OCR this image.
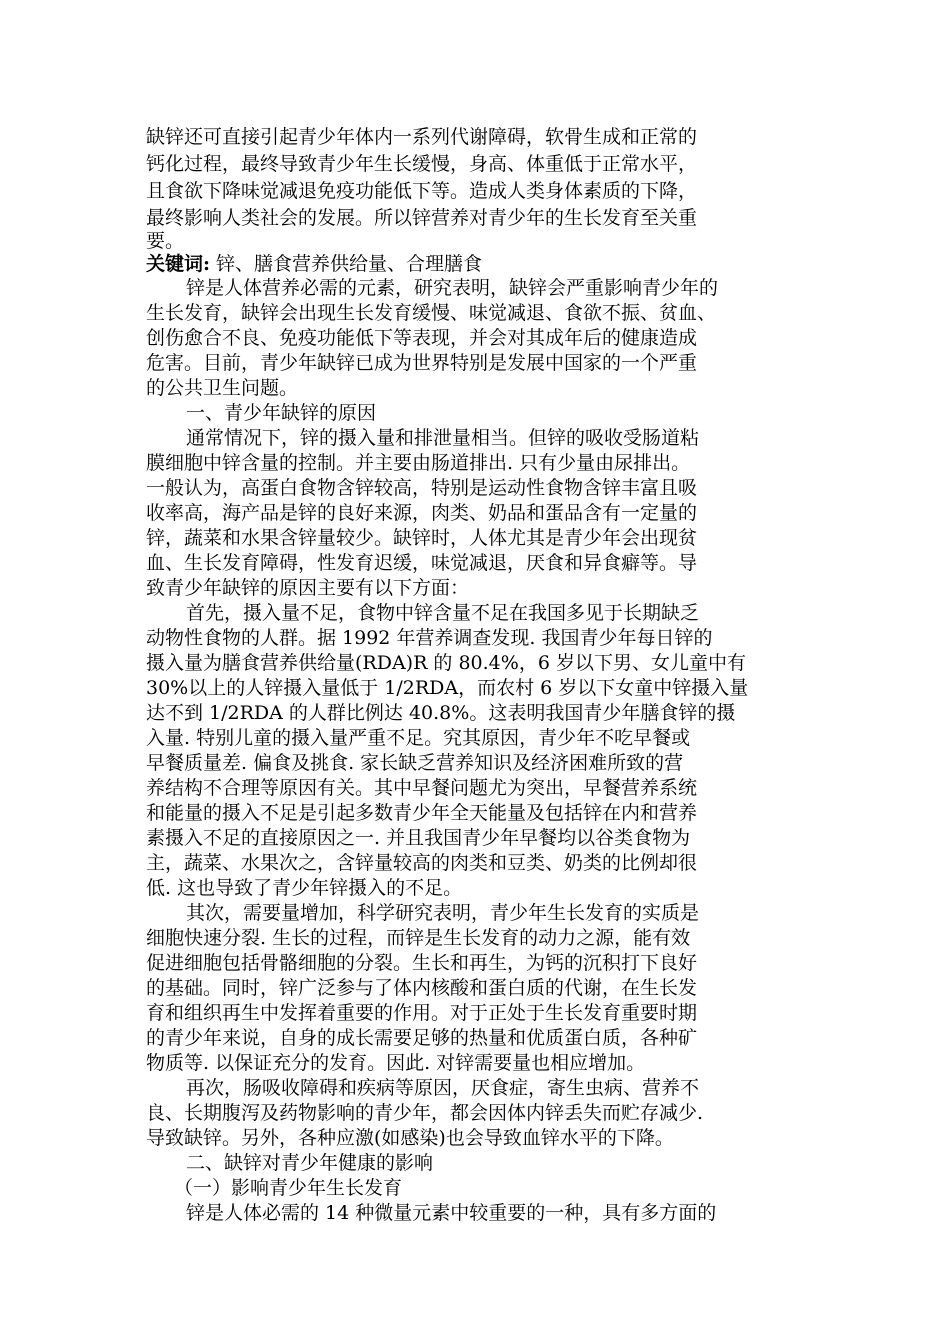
缺锌还可直接引起青少年体内一系列代谢障碍，软骨生成和正常的
钙化过程，最终导致青少年生长缓慢，身高、体重低于正常水平，
且食欲下降味觉减退免疫功能低下等。造成人类身体素质的下降，
最终影响人类社会的发展。所以锌营养对青少年的生长发育至关重
要。
关键词: 锌、膳食营养供给量、合理膳食
锌是人体营养必需的元素，研究表明，缺锌会严重影响青少年的
生长发育，缺锌会出现生长发育缓慢、味觉减退、食欲不振、贫血、
创伤愈合不良、免疫功能低下等表现，并会对其成年后的健康造成
危害。目前，青少年缺锌已成为世界特别是发展中国家的一个严重
的公共卫生问题。
一、青少年缺锌的原因
通常情况下，锌的摄入量和排泄量相当。但锌的吸收受肠道粘
膜细胞中锌含量的控制。并主要由肠道排出. 只有少量由尿排出。
一般认为，高蛋白食物含锌较高，特别是运动性食物含锌丰富且吸
收率高，海产品是锌的良好来源，肉类、奶品和蛋品含有一定量的
锌，蔬菜和水果含锌量较少。缺锌时，人体尤其是青少年会出现贫
血、生长发育障碍，性发育迟缓，味觉减退，厌食和异食癖等。导
致青少年缺锌的原因主要有以下方面：
首先，摄入量不足，食物中锌含量不足在我国多见于长期缺乏
动物性食物的人群。据 1992 年营养调查发现. 我国青少年每日锌的
摄入量为膳食营养供给量(RDA)R 的 80.4%，6 岁以下男、女儿童中有
30%以上的人锌摄入量低于 1/2RDA，而农村 6 岁以下女童中锌摄入量
达不到 1/2RDA 的人群比例达 40.8%。这表明我国青少年膳食锌的摄
入量. 特别儿童的摄入量严重不足。究其原因，青少年不吃早餐或
早餐质量差. 偏食及挑食. 家长缺乏营养知识及经济困难所致的营
养结构不合理等原因有关。其中早餐问题尤为突出，早餐营养系统
和能量的摄入不足是引起多数青少年全天能量及包括锌在内和营养
素摄入不足的直接原因之一. 并且我国青少年早餐均以谷类食物为
主，蔬菜、水果次之，含锌量较高的肉类和豆类、奶类的比例却很
低. 这也导致了青少年锌摄入的不足。
其次，需要量增加，科学研究表明，青少年生长发育的实质是
细胞快速分裂. 生长的过程，而锌是生长发育的动力之源，能有效
促进细胞包括骨骼细胞的分裂。生长和再生，为钙的沉积打下良好
的基础。同时，锌广泛参与了体内核酸和蛋白质的代谢，在生长发
育和组织再生中发挥着重要的作用。对于正处于生长发育重要时期
的青少年来说，自身的成长需要足够的热量和优质蛋白质，各种矿
物质等. 以保证充分的发育。因此. 对锌需要量也相应增加。
再次，肠吸收障碍和疾病等原因，厌食症，寄生虫病、营养不
良、长期腹泻及药物影响的青少年，都会因体内锌丢失而贮存减少.
导致缺锌。另外，各种应激(如感染)也会导致血锌水平的下降。
二、缺锌对青少年健康的影响
（一）影响青少年生长发育
锌是人体必需的 14 种微量元素中较重要的一种，具有多方面的
